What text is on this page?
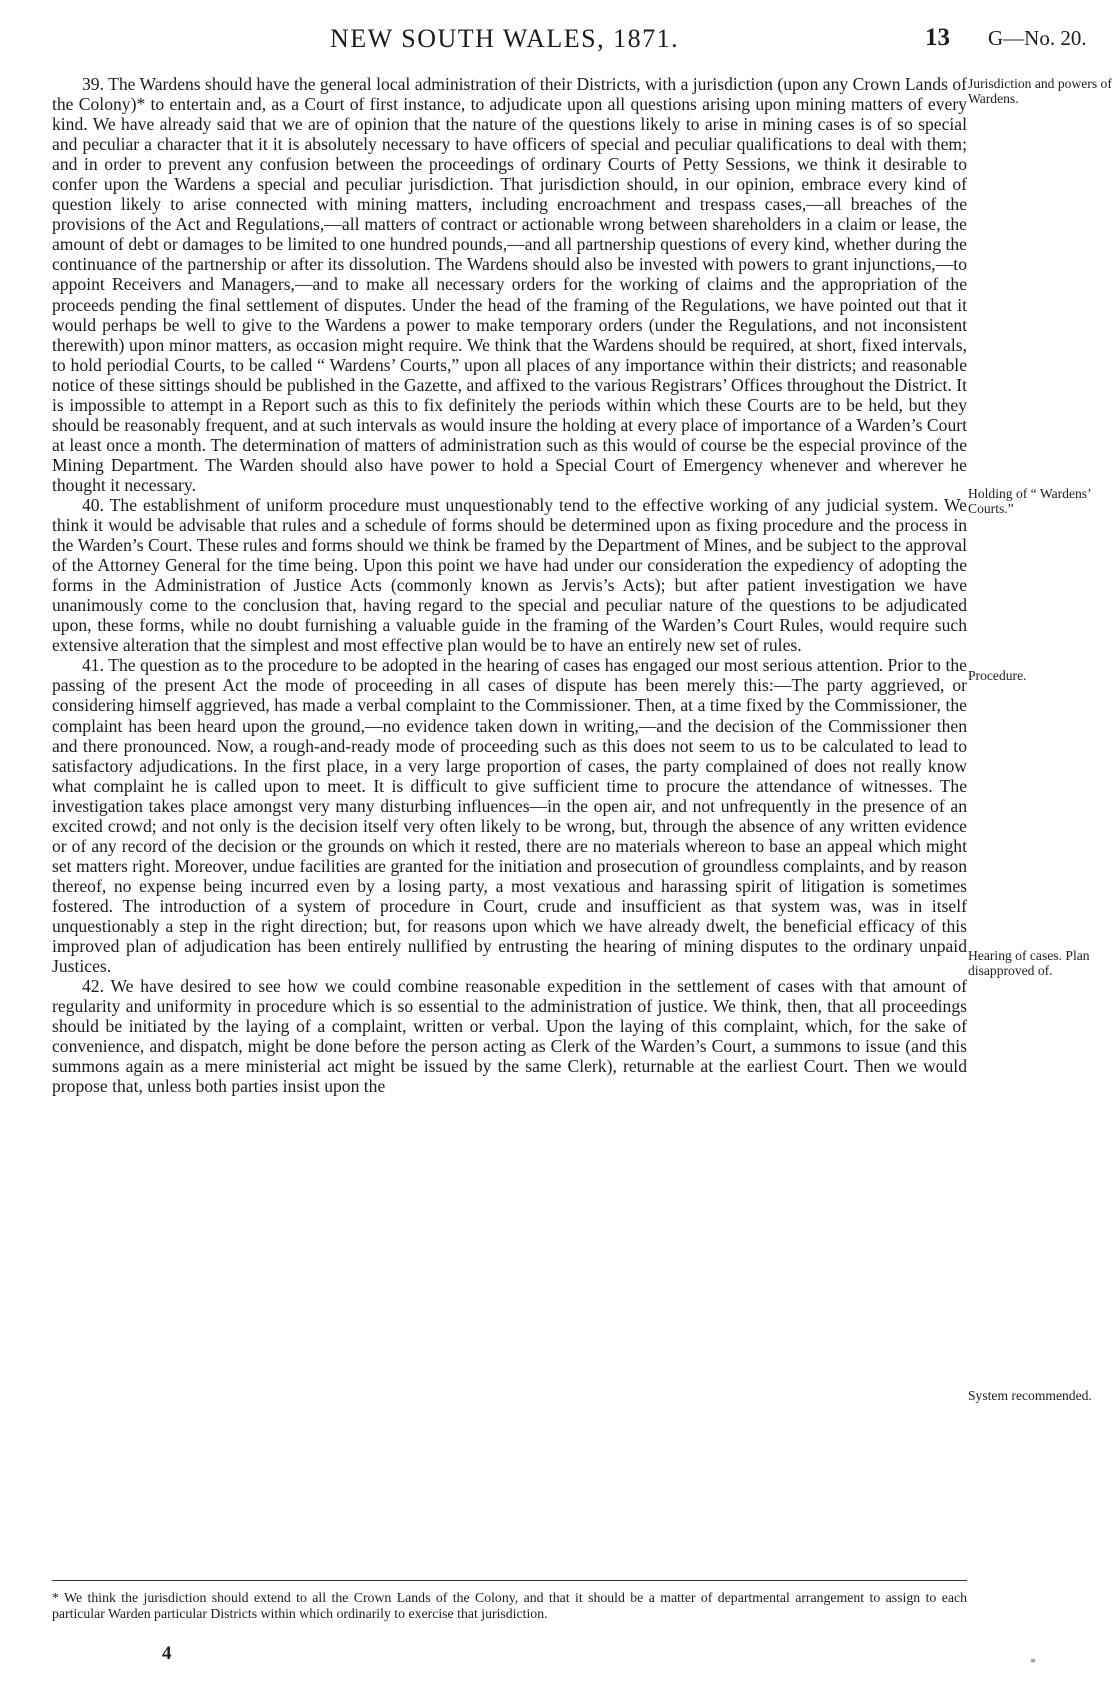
NEW SOUTH WALES, 1871.	13 G—No. 20.

39. The Wardens should have the general local administration of their Districts, with a jurisdiction (upon any Crown Lands of the Colony)* to entertain and, as a Court of first instance, to adjudicate upon all questions arising upon mining matters of every kind. We have already said that we are of opinion that the nature of the questions likely to arise in mining cases is of so special and peculiar a character that it it is absolutely necessary to have officers of special and peculiar qualifications to deal with them; and in order to prevent any confusion between the proceedings of ordinary Courts of Petty Sessions, we think it desirable to confer upon the Wardens a special and peculiar jurisdiction. That jurisdiction should, in our opinion, embrace every kind of question likely to arise connected with mining matters, including encroachment and trespass cases,—all breaches of the provisions of the Act and Regulations,—all matters of contract or actionable wrong between shareholders in a claim or lease, the amount of debt or damages to be limited to one hundred pounds,—and all partnership questions of every kind, whether during the continuance of the partnership or after its dissolution. The Wardens should also be invested with powers to grant injunctions,—to appoint Receivers and Managers,—and to make all necessary orders for the working of claims and the appropriation of the proceeds pending the final settlement of disputes. Under the head of the framing of the Regulations, we have pointed out that it would perhaps be well to give to the Wardens a power to make temporary orders (under the Regulations, and not inconsistent therewith) upon minor matters, as occasion might require. We think that the Wardens should be required, at short, fixed intervals, to hold periodial Courts, to be called “ Wardens’ Courts,” upon all places of any importance within their districts; and reasonable notice of these sittings should be published in the Gazette, and affixed to the various Registrars’ Offices throughout the District. It is impossible to attempt in a Report such as this to fix definitely the periods within which these Courts are to be held, but they should be reasonably frequent, and at such intervals as would insure the holding at every place of importance of a Warden’s Court at least once a month. The determination of matters of administration such as this would of course be the especial province of the Mining Department. The Warden should also have power to hold a Special Court of Emergency whenever and wherever he thought it necessary.

40. The establishment of uniform procedure must unquestionably tend to the effective working of any judicial system. We think it would be advisable that rules and a schedule of forms should be determined upon as fixing procedure and the process in the Warden’s Court. These rules and forms should we think be framed by the Department of Mines, and be subject to the approval of the Attorney General for the time being. Upon this point we have had under our consideration the expediency of adopting the forms in the Administration of Justice Acts (commonly known as Jervis’s Acts); but after patient investigation we have unanimously come to the conclusion that, having regard to the special and peculiar nature of the questions to be adjudicated upon, these forms, while no doubt furnishing a valuable guide in the framing of the Warden’s Court Rules, would require such extensive alteration that the simplest and most effective plan would be to have an entirely new set of rules.

41. The question as to the procedure to be adopted in the hearing of cases has engaged our most serious attention. Prior to the passing of the present Act the mode of proceeding in all cases of dispute has been merely this:—The party aggrieved, or considering himself aggrieved, has made a verbal complaint to the Commissioner. Then, at a time fixed by the Commissioner, the complaint has been heard upon the ground,—no evidence taken down in writing,—and the decision of the Commissioner then and there pronounced. Now, a rough-and-ready mode of proceeding such as this does not seem to us to be calculated to lead to satisfactory adjudications. In the first place, in a very large proportion of cases, the party complained of does not really know what complaint he is called upon to meet. It is difficult to give sufficient time to procure the attendance of witnesses. The investigation takes place amongst very many disturbing influences—in the open air, and not unfrequently in the presence of an excited crowd; and not only is the decision itself very often likely to be wrong, but, through the absence of any written evidence or of any record of the decision or the grounds on which it rested, there are no materials whereon to base an appeal which might set matters right. Moreover, undue facilities are granted for the initiation and prosecution of groundless complaints, and by reason thereof, no expense being incurred even by a losing party, a most vexatious and harassing spirit of litigation is sometimes fostered. The introduction of a system of procedure in Court, crude and insufficient as that system was, was in itself unquestionably a step in the right direction; but, for reasons upon which we have already dwelt, the beneficial efficacy of this improved plan of adjudication has been entirely nullified by entrusting the hearing of mining disputes to the ordinary unpaid Justices.

42. We have desired to see how we could combine reasonable expedition in the settlement of cases with that amount of regularity and uniformity in procedure which is so essential to the administration of justice. We think, then, that all proceedings should be initiated by the laying of a complaint, written or verbal. Upon the laying of this complaint, which, for the sake of convenience, and dispatch, might be done before the person acting as Clerk of the Warden’s Court, a summons to issue (and this summons again as a mere ministerial act might be issued by the same Clerk), returnable at the earliest Court. Then we would propose that, unless both parties insist upon the

Jurisdiction and powers of Wardens.
Holding of “ Wardens’ Courts.”
Procedure.
Hearing of cases. Plan disapproved of.
System recommended.
* We think the jurisdiction should extend to all the Crown Lands of the Colony, and that it should be a matter of departmental arrangement to assign to each particular Warden particular Districts within which ordinarily to exercise that jurisdiction.
4	*
